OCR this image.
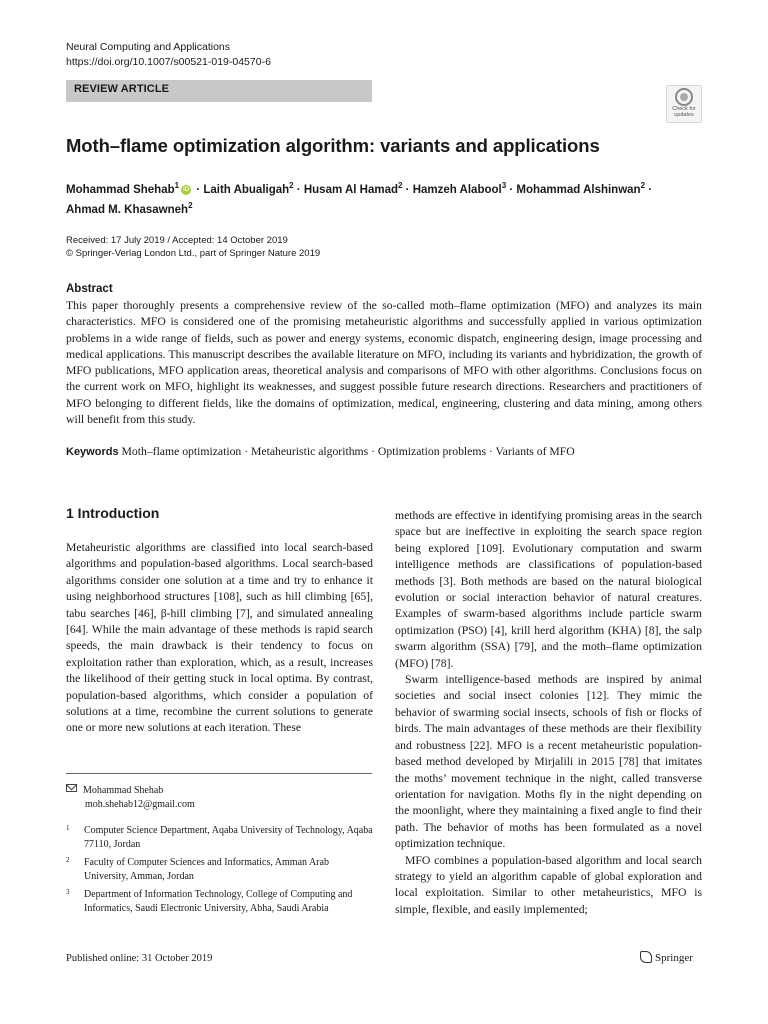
Neural Computing and Applications
https://doi.org/10.1007/s00521-019-04570-6
REVIEW ARTICLE
Check for
updates
Moth–flame optimization algorithm: variants and applications
Mohammad Shehab$^1$ iD · Laith Abualigah$^2$ · Husam Al Hamad$^2$ · Hamzeh Alabool$^3$ · Mohammad Alshinwan$^2$ ·
Ahmad M. Khasawneh$^2$
Received: 17 July 2019 / Accepted: 14 October 2019
© Springer-Verlag London Ltd., part of Springer Nature 2019
Abstract
This paper thoroughly presents a comprehensive review of the so-called moth–flame optimization (MFO) and analyzes its main characteristics. MFO is considered one of the promising metaheuristic algorithms and successfully applied in various optimization problems in a wide range of fields, such as power and energy systems, economic dispatch, engineering design, image processing and medical applications. This manuscript describes the available literature on MFO, including its variants and hybridization, the growth of MFO publications, MFO application areas, theoretical analysis and comparisons of MFO with other algorithms. Conclusions focus on the current work on MFO, highlight its weaknesses, and suggest possible future research directions. Researchers and practitioners of MFO belonging to different fields, like the domains of optimization, medical, engineering, clustering and data mining, among others will benefit from this study.
Keywords Moth–flame optimization · Metaheuristic algorithms · Optimization problems · Variants of MFO
1 Introduction
Metaheuristic algorithms are classified into local search-based algorithms and population-based algorithms. Local search-based algorithms consider one solution at a time and try to enhance it using neighborhood structures [108], such as hill climbing [65], tabu searches [46], β-hill climbing [7], and simulated annealing [64]. While the main advantage of these methods is rapid search speeds, the main drawback is their tendency to focus on exploitation rather than exploration, which, as a result, increases the likelihood of their getting stuck in local optima. By contrast, population-based algorithms, which consider a population of solutions at a time, recombine the current solutions to generate one or more new solutions at each iteration. These

methods are effective in identifying promising areas in the search space but are ineffective in exploiting the search space region being explored [109]. Evolutionary computation and swarm intelligence methods are classifications of population-based methods [3]. Both methods are based on the natural biological evolution or social interaction behavior of natural creatures. Examples of swarm-based algorithms include particle swarm optimization (PSO) [4], krill herd algorithm (KHA) [8], the salp swarm algorithm (SSA) [79], and the moth–flame optimization (MFO) [78].

Swarm intelligence-based methods are inspired by animal societies and social insect colonies [12]. They mimic the behavior of swarming social insects, schools of fish or flocks of birds. The main advantages of these methods are their flexibility and robustness [22]. MFO is a recent metaheuristic population-based method developed by Mirjalili in 2015 [78] that imitates the moths’ movement technique in the night, called transverse orientation for navigation. Moths fly in the night depending on the moonlight, where they maintaining a fixed angle to find their path. The behavior of moths has been formulated as a novel optimization technique.

MFO combines a population-based algorithm and local search strategy to yield an algorithm capable of global exploration and local exploitation. Similar to other metaheuristics, MFO is simple, flexible, and easily implemented;

Mohammad Shehab
moh.shehab12@gmail.com
1 Computer Science Department, Aqaba University of Technology, Aqaba 77110, Jordan
2 Faculty of Computer Sciences and Informatics, Amman Arab University, Amman, Jordan
3 Department of Information Technology, College of Computing and Informatics, Saudi Electronic University, Abha, Saudi Arabia
Published online: 31 October 2019	Springer
